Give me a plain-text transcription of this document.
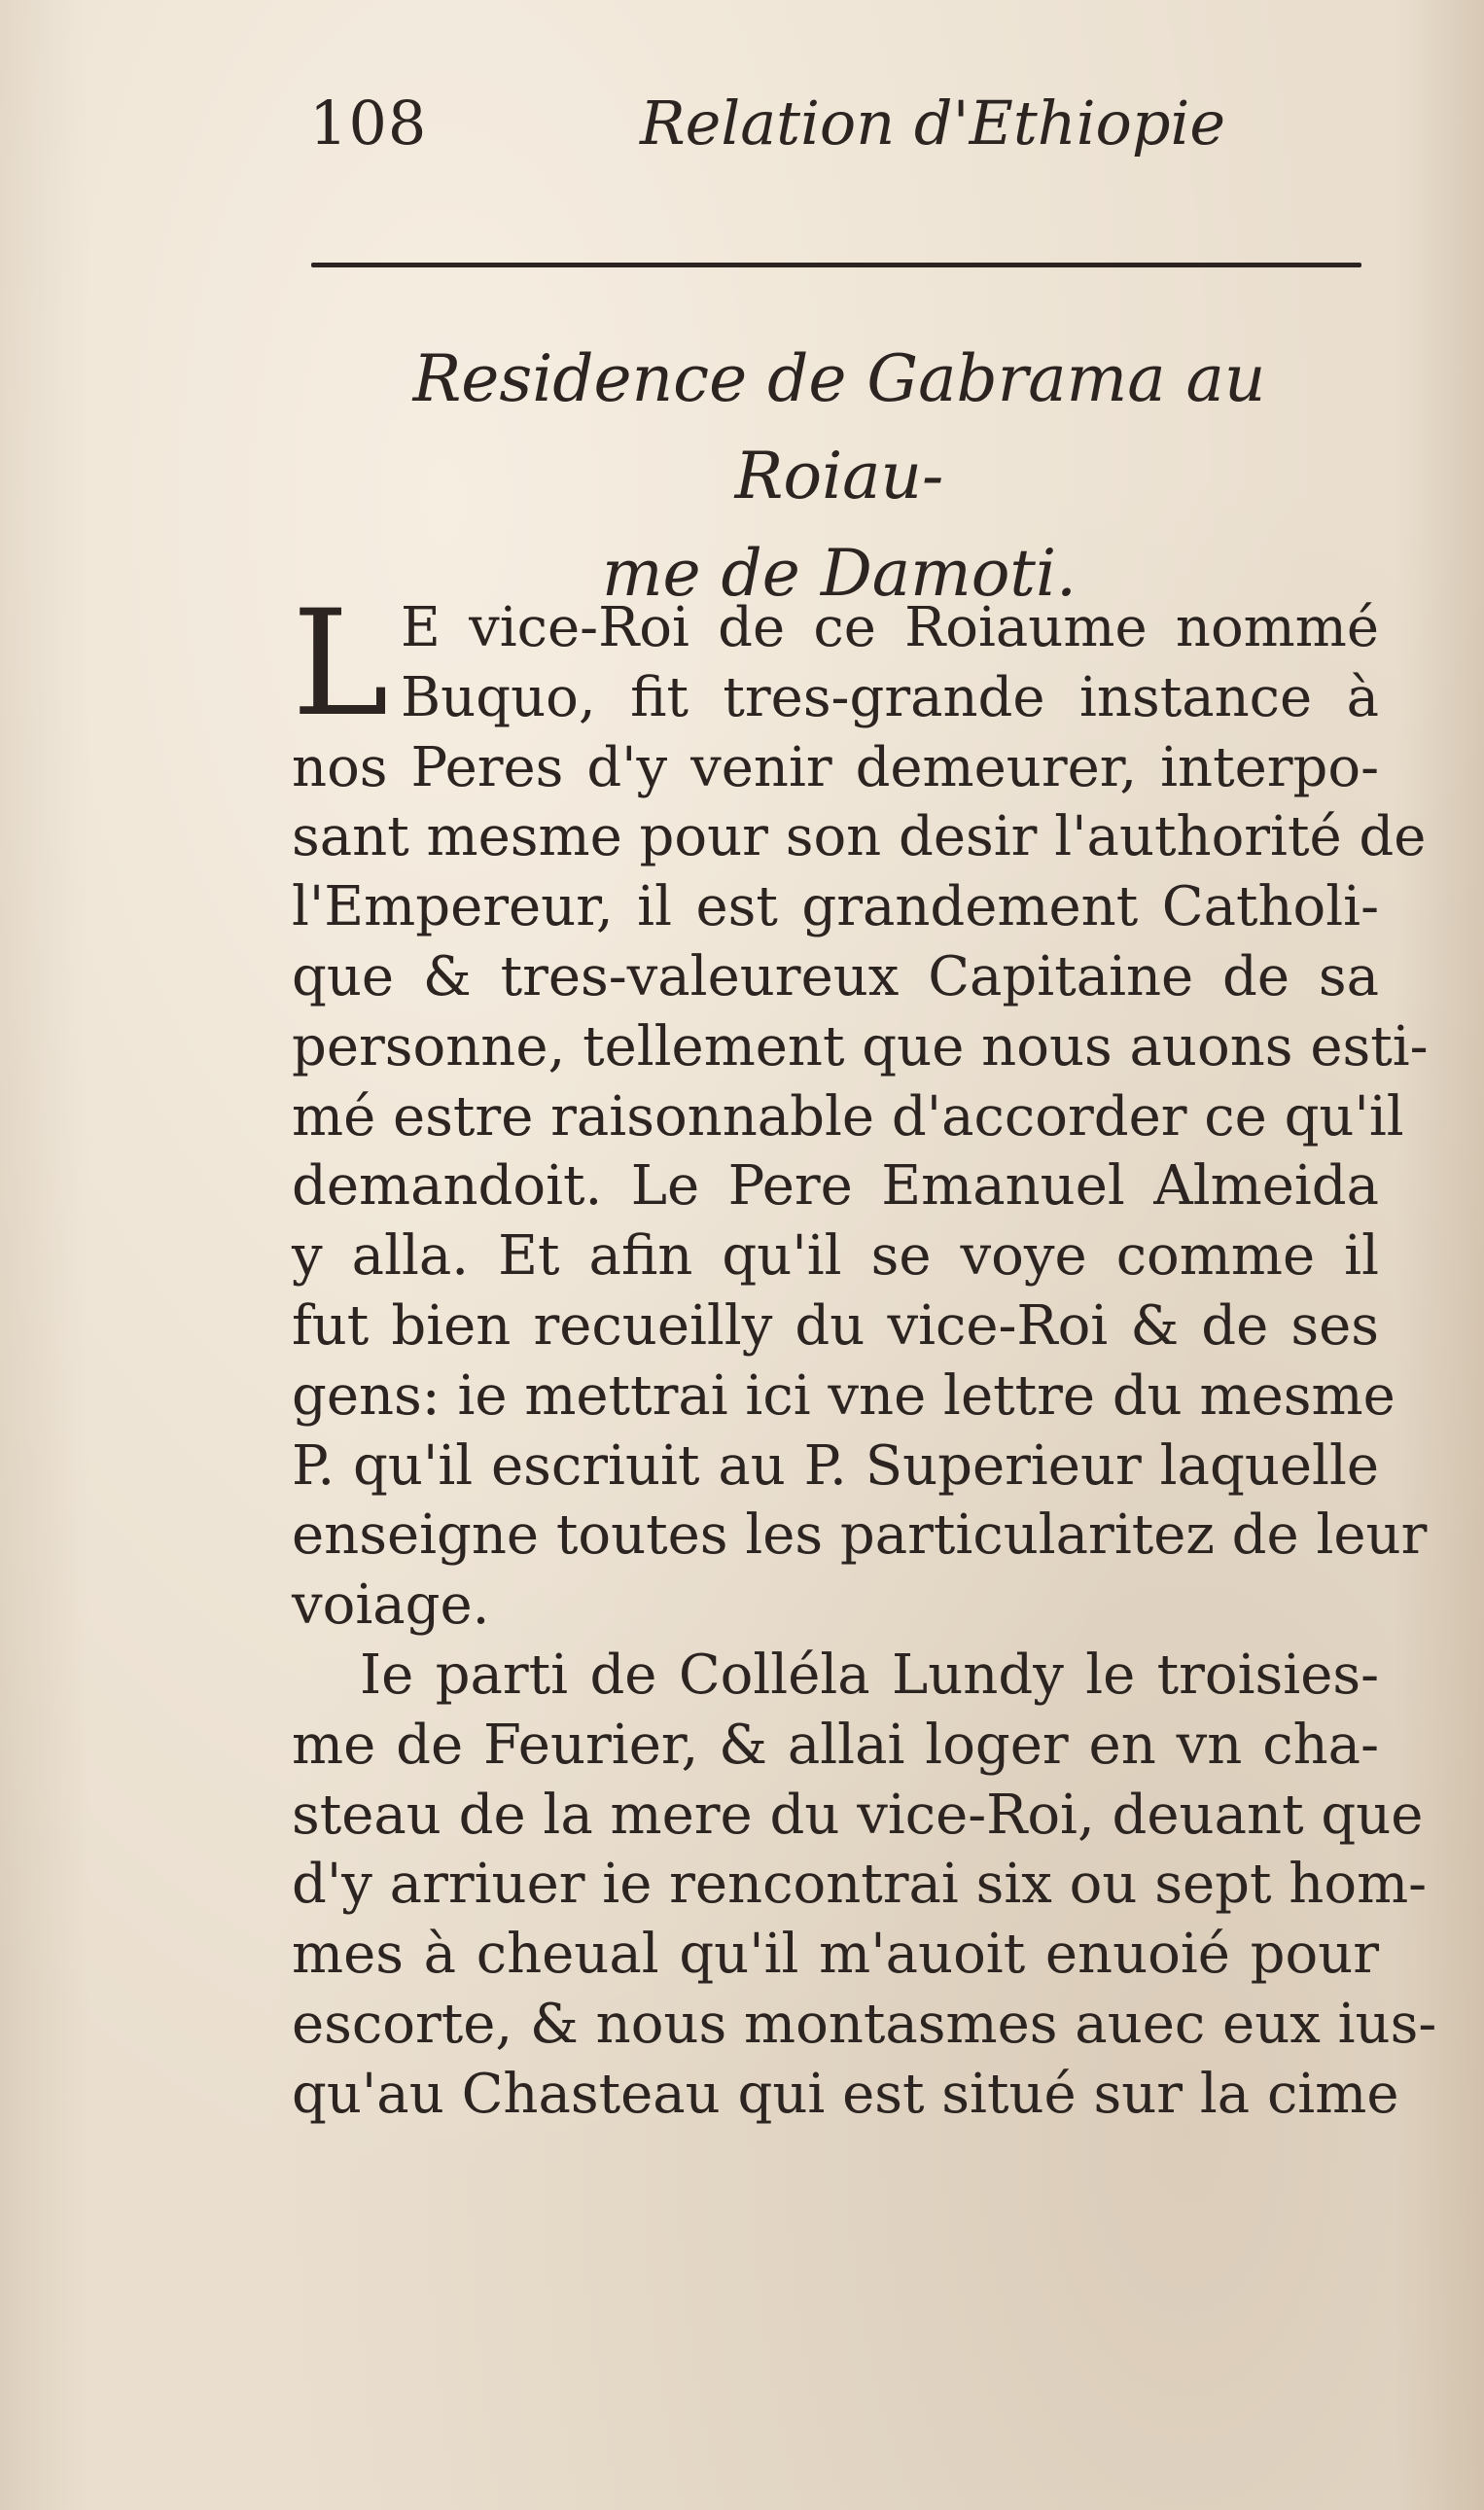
108	Relation d'Ethiopie
Residence de Gabrama au Roiau-
me de Damoti.
L E vice-Roi de ce Roiaume nommé
Buquo, fit tres-grande instance à
nos Peres d'y venir demeurer, interpo-
sant mesme pour son desir l'authorité de
l'Empereur, il est grandement Catholi-
que & tres-valeureux Capitaine de sa
personne, tellement que nous auons esti-
mé estre raisonnable d'accorder ce qu'il
demandoit. Le Pere Emanuel Almeida
y alla. Et afin qu'il se voye comme il
fut bien recueilly du vice-Roi & de ses
gens: ie mettrai ici vne lettre du mesme
P. qu'il escriuit au P. Superieur laquelle
enseigne toutes les particularitez de leur
voiage.
Ie parti de Colléla Lundy le troisies-
me de Feurier, & allai loger en vn cha-
steau de la mere du vice-Roi, deuant que
d'y arriuer ie rencontrai six ou sept hom-
mes à cheual qu'il m'auoit enuoié pour
escorte, & nous montasmes auec eux ius-
qu'au Chasteau qui est situé sur la cime
